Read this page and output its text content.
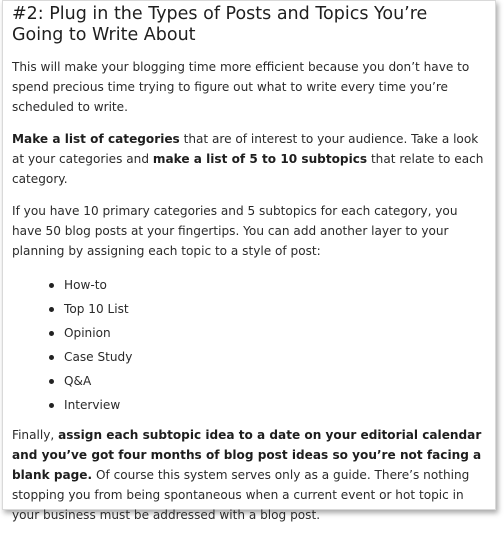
#2: Plug in the Types of Posts and Topics You’re
Going to Write About

This will make your blogging time more efficient because you don’t have to spend precious time trying to figure out what to write every time you’re scheduled to write.

Make a list of categories that are of interest to your audience. Take a look at your categories and make a list of 5 to 10 subtopics that relate to each category.

If you have 10 primary categories and 5 subtopics for each category, you have 50 blog posts at your fingertips. You can add another layer to your planning by assigning each topic to a style of post:

How-to
Top 10 List
Opinion
Case Study
Q&A
Interview

Finally, assign each subtopic idea to a date on your editorial calendar and you’ve got four months of blog post ideas so you’re not facing a blank page. Of course this system serves only as a guide. There’s nothing stopping you from being spontaneous when a current event or hot topic in your business must be addressed with a blog post.
